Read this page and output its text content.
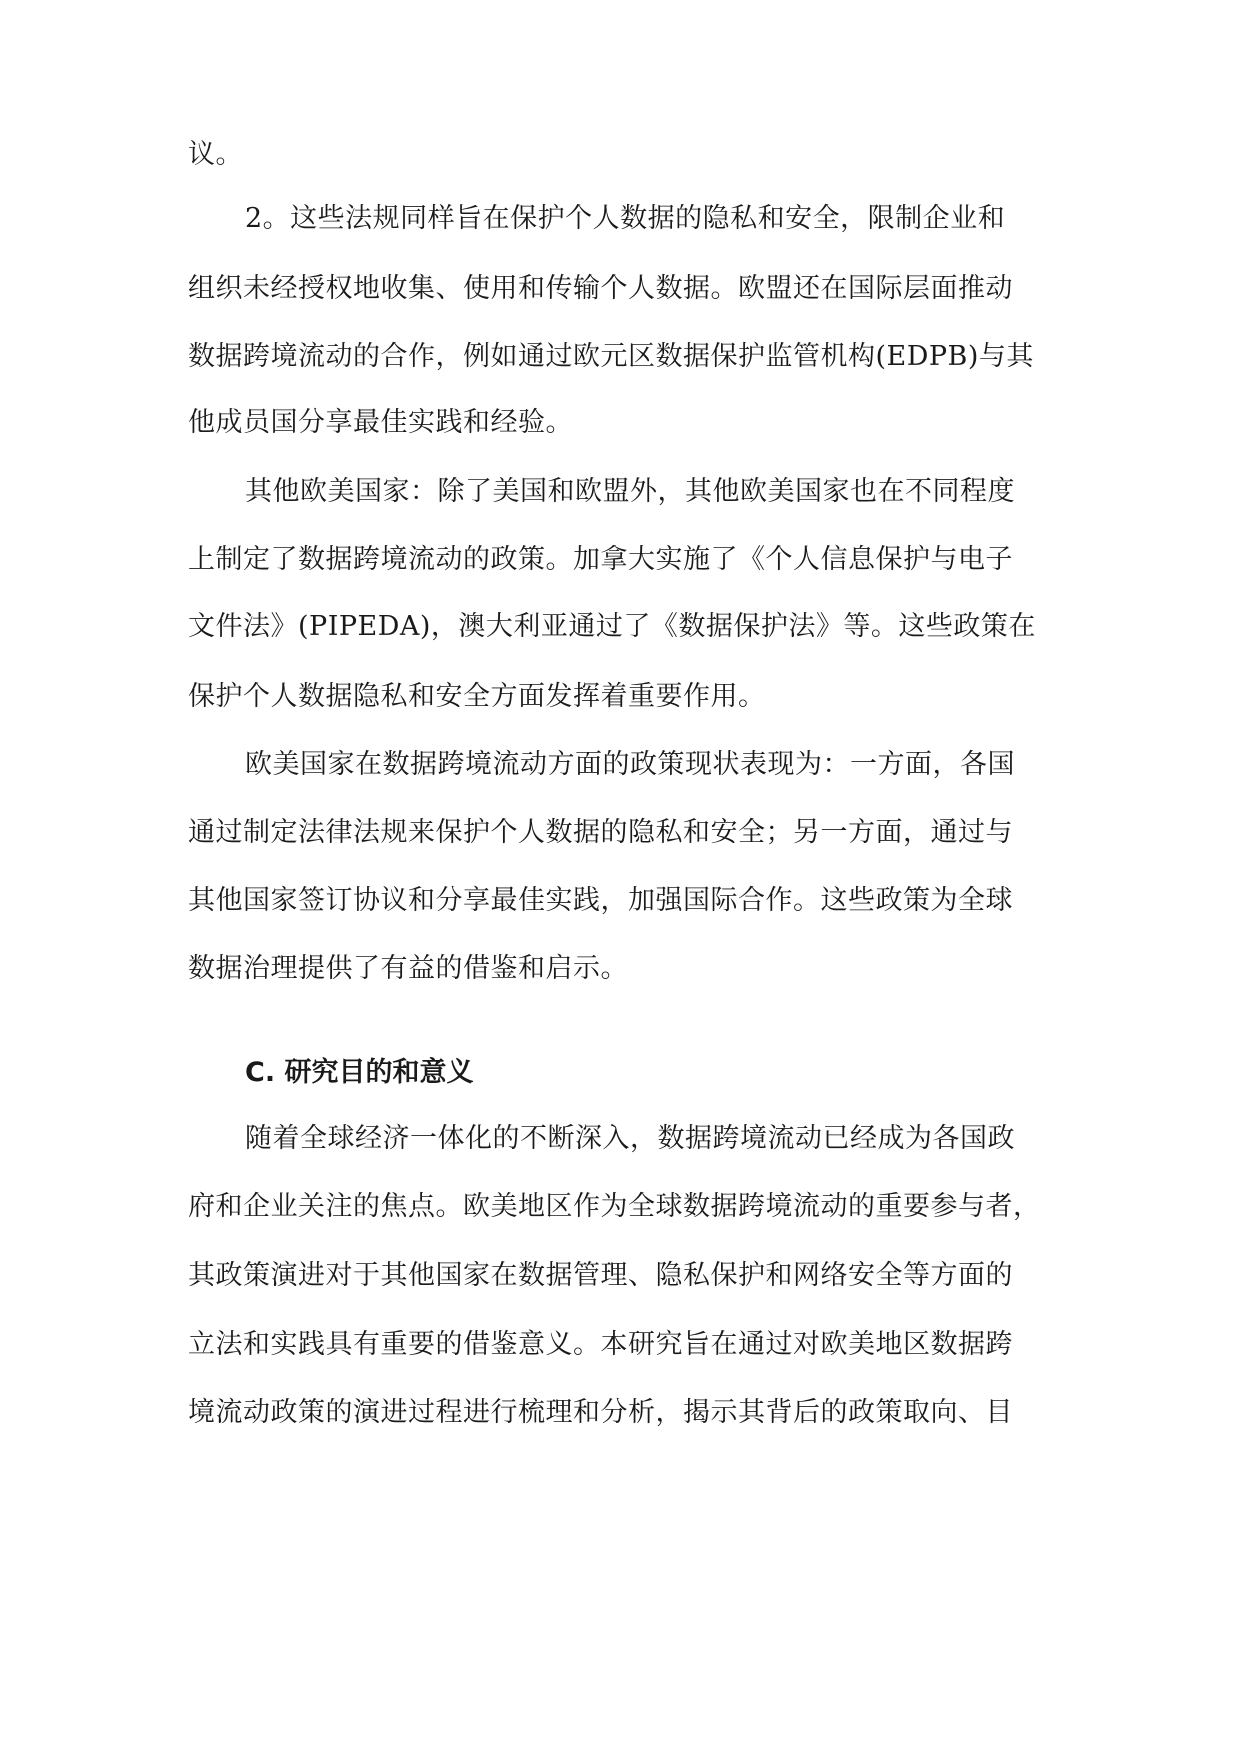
议。
2。这些法规同样旨在保护个人数据的隐私和安全，限制企业和
组织未经授权地收集、使用和传输个人数据。欧盟还在国际层面推动
数据跨境流动的合作，例如通过欧元区数据保护监管机构(EDPB)与其
他成员国分享最佳实践和经验。
其他欧美国家：除了美国和欧盟外，其他欧美国家也在不同程度
上制定了数据跨境流动的政策。加拿大实施了《个人信息保护与电子
文件法》(PIPEDA)，澳大利亚通过了《数据保护法》等。这些政策在
保护个人数据隐私和安全方面发挥着重要作用。
欧美国家在数据跨境流动方面的政策现状表现为：一方面，各国
通过制定法律法规来保护个人数据的隐私和安全；另一方面，通过与
其他国家签订协议和分享最佳实践，加强国际合作。这些政策为全球
数据治理提供了有益的借鉴和启示。
C. 研究目的和意义
随着全球经济一体化的不断深入，数据跨境流动已经成为各国政
府和企业关注的焦点。欧美地区作为全球数据跨境流动的重要参与者，
其政策演进对于其他国家在数据管理、隐私保护和网络安全等方面的
立法和实践具有重要的借鉴意义。本研究旨在通过对欧美地区数据跨
境流动政策的演进过程进行梳理和分析，揭示其背后的政策取向、目
